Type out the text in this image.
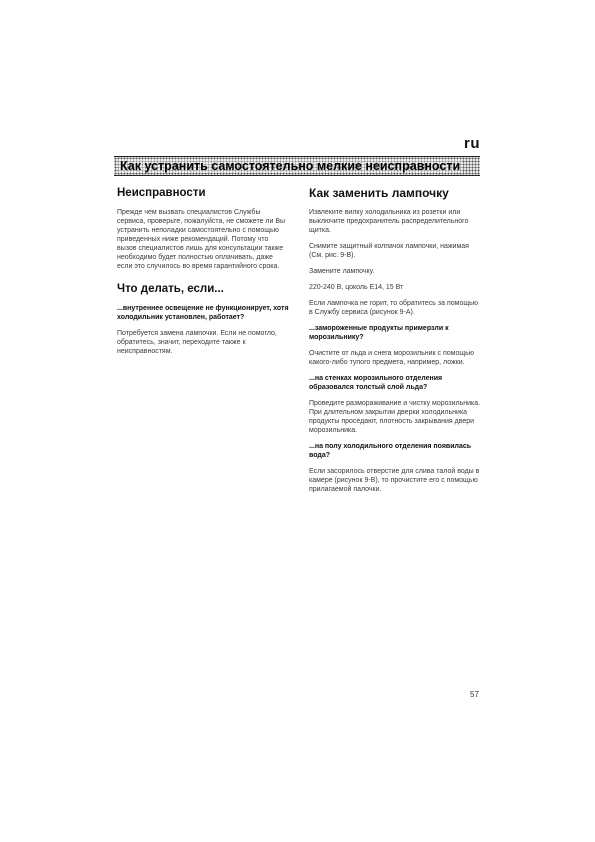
ru
Как устранить самостоятельно мелкие неисправности
Неисправности

Прежде чем вызвать специалистов Службы сервиса, проверьте, пожалуйста, не сможете ли Вы устранить неполадки самостоятельно с помощью приведенных ниже рекомендаций. Потому что вызов специалистов лишь для консультации также необходимо будет полностью оплачивать, даже если это случилось во время гарантийного срока.

Что делать, если...

...внутреннее освещение не функционирует, хотя холодильник установлен, работает?

Потребуется замена лампочки. Если не помогло, обратитесь, значит, переходите также к неисправностям.

Как заменить лампочку

Извлеките вилку холодильника из розетки или выключите предохранитель распределительного щитка.

Снимите защитный колпачок лампочки, нажимая (См. рис. 9-B).

Замените лампочку.

220-240 В, цоколь Е14, 15 Вт

Если лампочка не горит, то обратитесь за помощью в Службу сервиса (рисунок 9-A).

...замороженные продукты примерзли к морозильнику?

Очистите от льда и снега морозильник с помощью какого-либо тупого предмета, например, ложки.

...на стенках морозильного отделения образовался толстый слой льда?

Проведите размораживание и чистку морозильника. При длительном закрытии дверки холодильника продукты проседают, плотность закрывания двери морозильника.

...на полу холодильного отделения появилась вода?

Если засорилось отверстие для слива талой воды в камере (рисунок 9-B), то прочистите его с помощью прилагаемой палочки.

57
